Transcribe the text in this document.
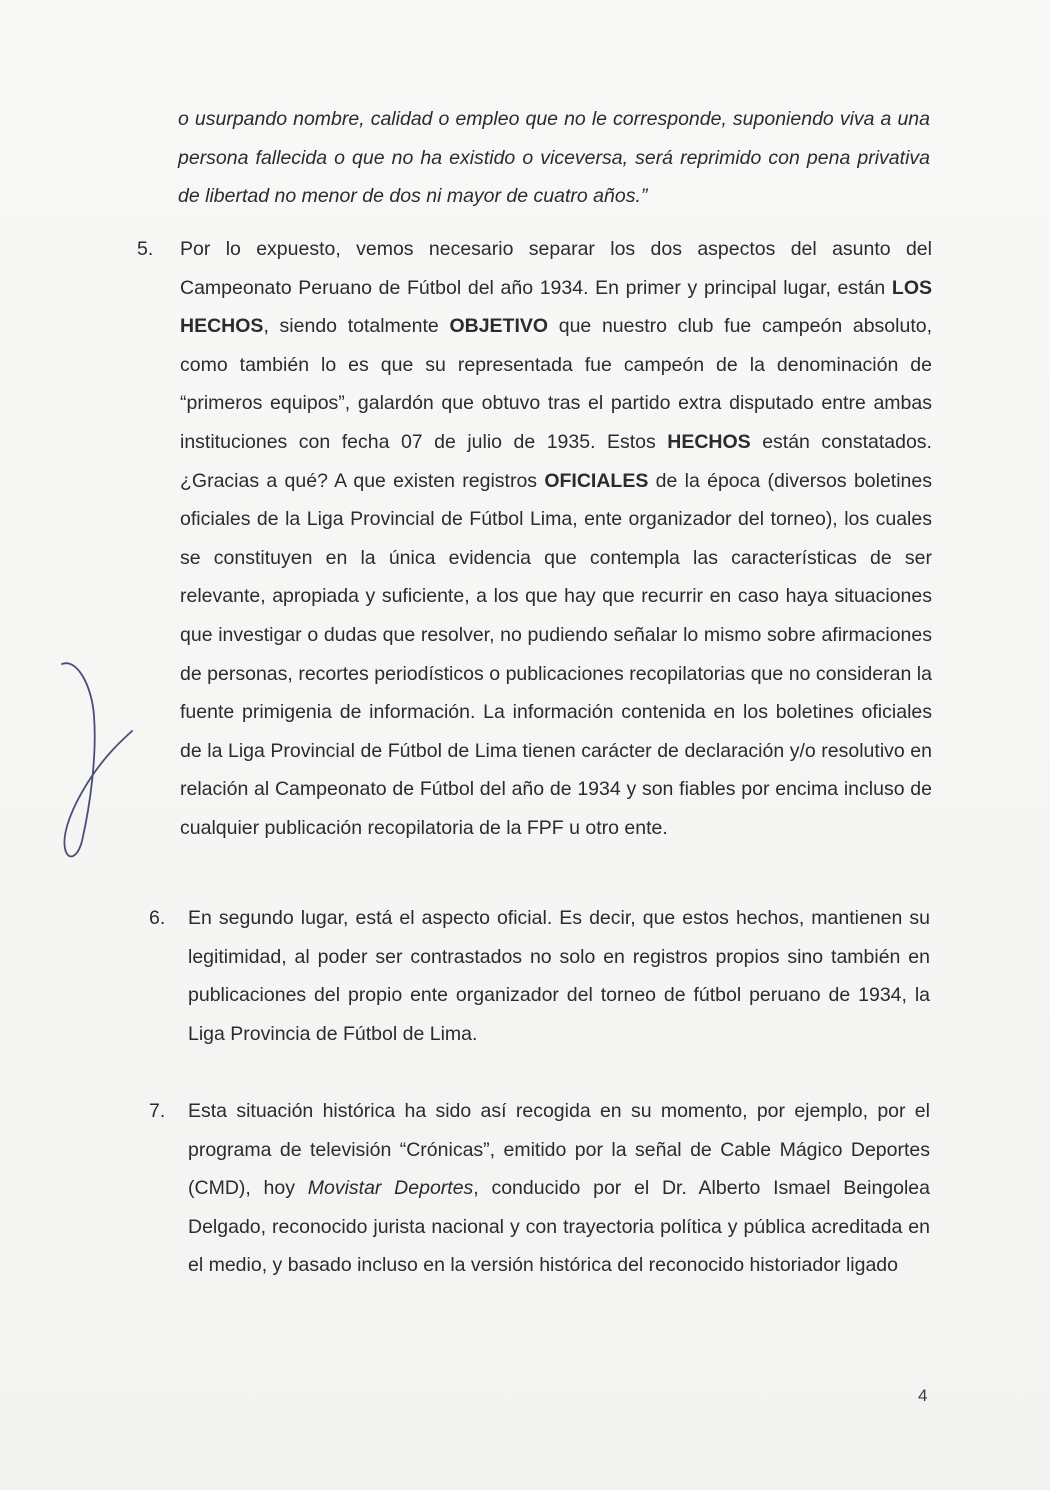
o usurpando nombre, calidad o empleo que no le corresponde, suponiendo viva a una persona fallecida o que no ha existido o viceversa, será reprimido con pena privativa de libertad no menor de dos ni mayor de cuatro años.”

5. Por lo expuesto, vemos necesario separar los dos aspectos del asunto del Campeonato Peruano de Fútbol del año 1934. En primer y principal lugar, están LOS HECHOS, siendo totalmente OBJETIVO que nuestro club fue campeón absoluto, como también lo es que su representada fue campeón de la denominación de “primeros equipos”, galardón que obtuvo tras el partido extra disputado entre ambas instituciones con fecha 07 de julio de 1935. Estos HECHOS están constatados. ¿Gracias a qué? A que existen registros OFICIALES de la época (diversos boletines oficiales de la Liga Provincial de Fútbol Lima, ente organizador del torneo), los cuales se constituyen en la única evidencia que contempla las características de ser relevante, apropiada y suficiente, a los que hay que recurrir en caso haya situaciones que investigar o dudas que resolver, no pudiendo señalar lo mismo sobre afirmaciones de personas, recortes periodísticos o publicaciones recopilatorias que no consideran la fuente primigenia de información. La información contenida en los boletines oficiales de la Liga Provincial de Fútbol de Lima tienen carácter de declaración y/o resolutivo en relación al Campeonato de Fútbol del año de 1934 y son fiables por encima incluso de cualquier publicación recopilatoria de la FPF u otro ente.

6. En segundo lugar, está el aspecto oficial. Es decir, que estos hechos, mantienen su legitimidad, al poder ser contrastados no solo en registros propios sino también en publicaciones del propio ente organizador del torneo de fútbol peruano de 1934, la Liga Provincia de Fútbol de Lima.

7. Esta situación histórica ha sido así recogida en su momento, por ejemplo, por el programa de televisión “Crónicas”, emitido por la señal de Cable Mágico Deportes (CMD), hoy Movistar Deportes, conducido por el Dr. Alberto Ismael Beingolea Delgado, reconocido jurista nacional y con trayectoria política y pública acreditada en el medio, y basado incluso en la versión histórica del reconocido historiador ligado

4
